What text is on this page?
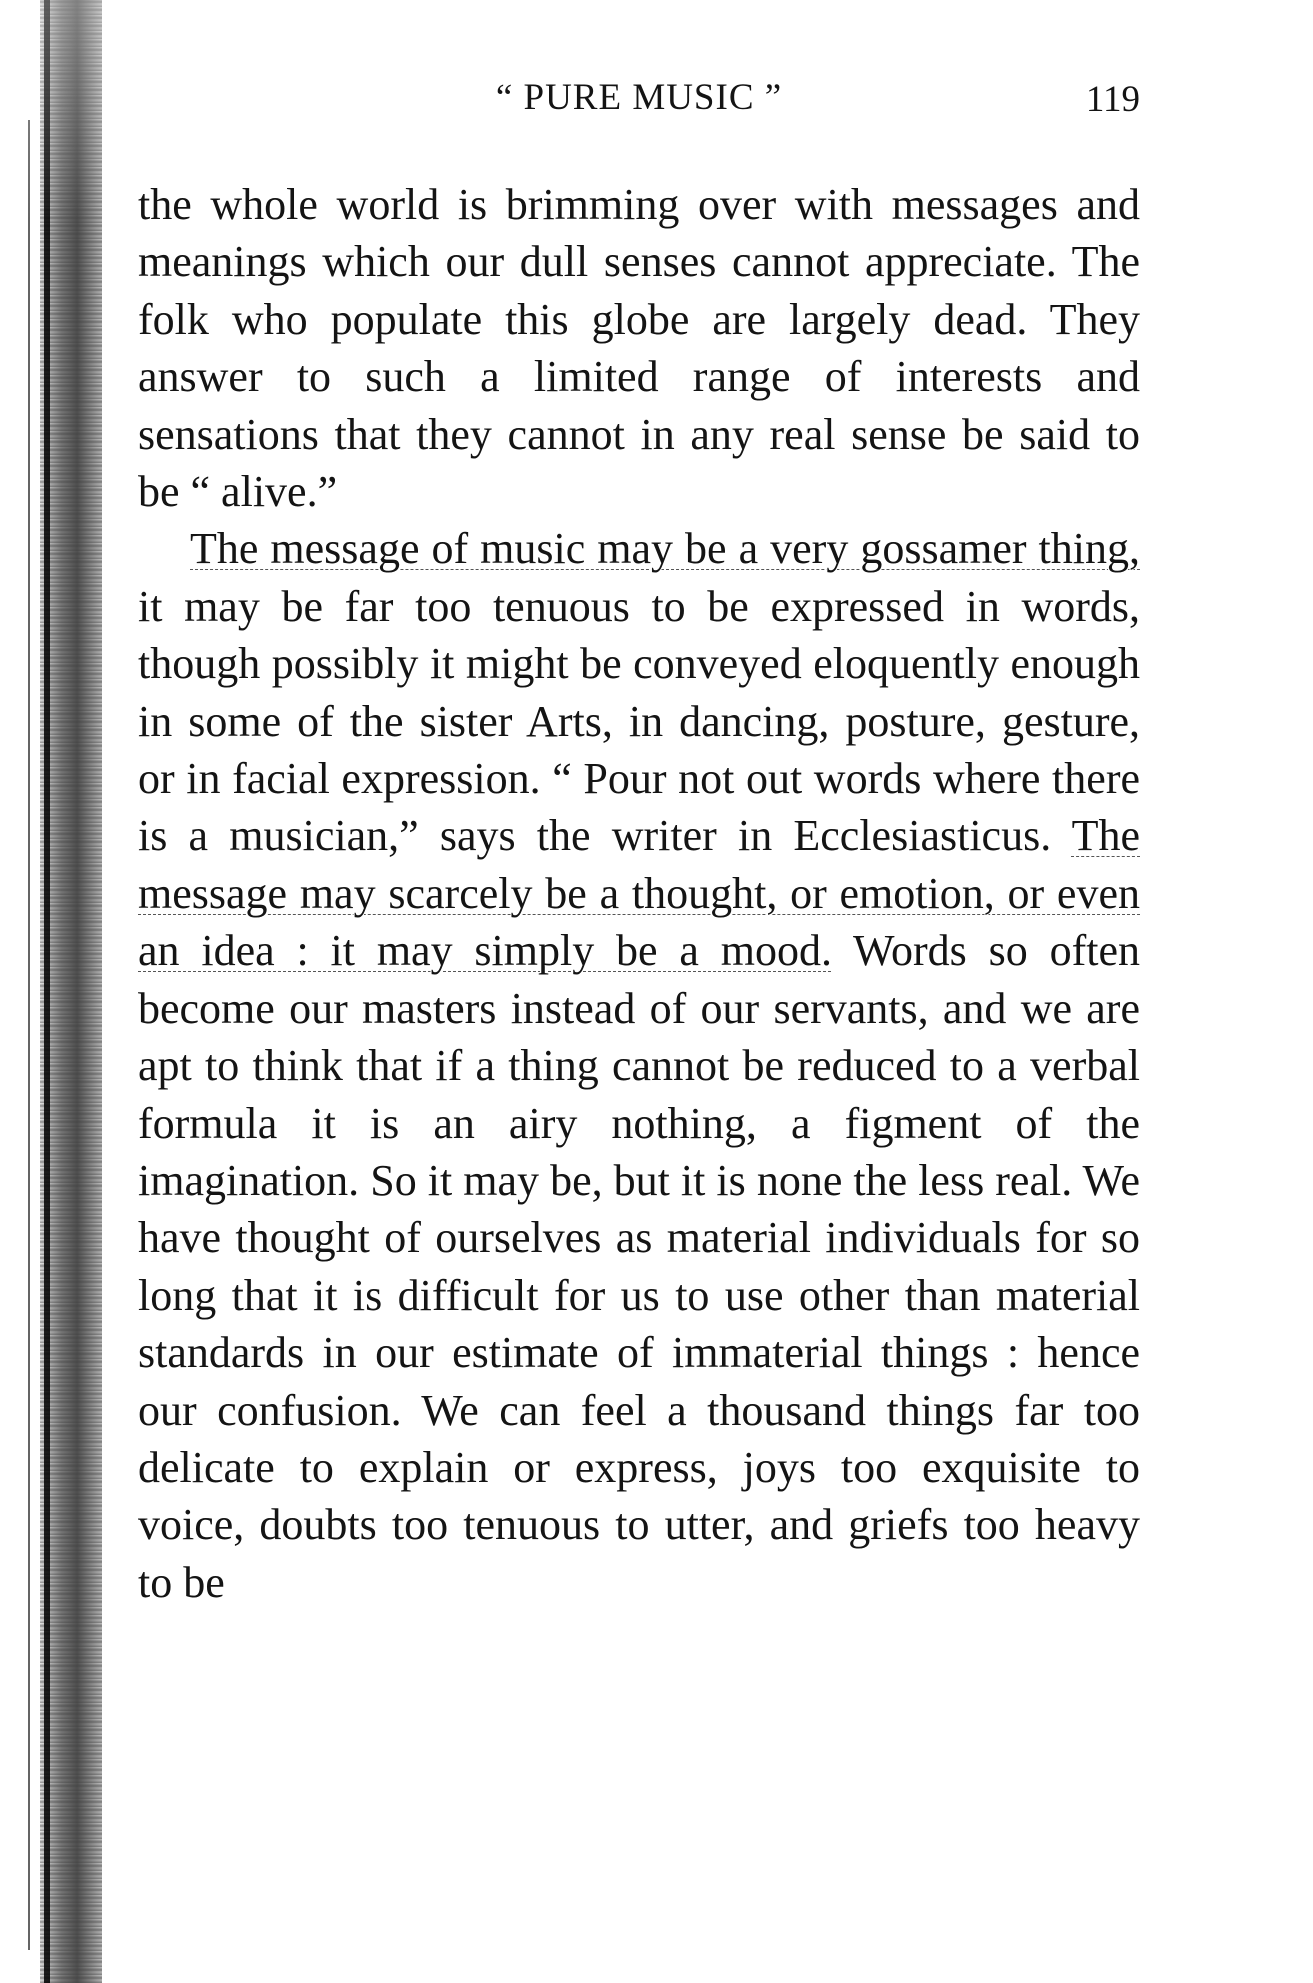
“ PURE MUSIC ”	119

the whole world is brimming over with messages and meanings which our dull senses cannot appreciate. The folk who populate this globe are largely dead. They answer to such a limited range of interests and sensations that they cannot in any real sense be said to be “ alive.”

The message of music may be a very gossamer thing, it may be far too tenuous to be expressed in words, though possibly it might be conveyed eloquently enough in some of the sister Arts, in dancing, posture, gesture, or in facial expression. “ Pour not out words where there is a musician,” says the writer in Ecclesiasticus. The message may scarcely be a thought, or emotion, or even an idea : it may simply be a mood. Words so often become our masters instead of our servants, and we are apt to think that if a thing cannot be reduced to a verbal formula it is an airy nothing, a figment of the imagination. So it may be, but it is none the less real. We have thought of ourselves as material individuals for so long that it is difficult for us to use other than material standards in our estimate of immaterial things : hence our confusion. We can feel a thousand things far too delicate to explain or express, joys too exquisite to voice, doubts too tenuous to utter, and griefs too heavy to be
